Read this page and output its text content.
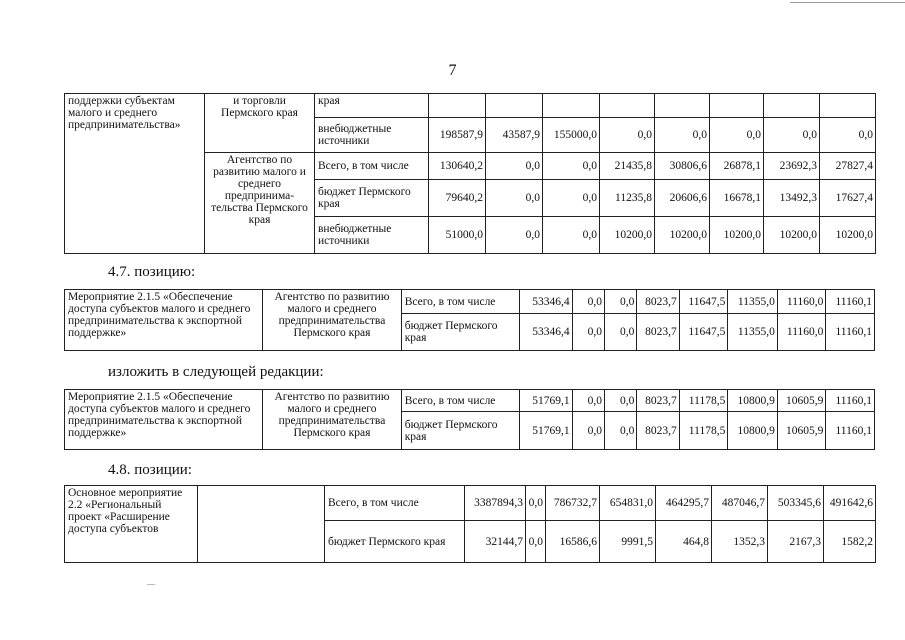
7
поддержки субъектам малого и среднего предпринимательства»	и торговли Пермского края	края								
		внебюджетные источники	198587,9	43587,9	155000,0	0,0	0,0	0,0	0,0	0,0
	Агентство по развитию малого и среднего предпринима-тельства Пермского края	Всего, в том числе	130640,2	0,0	0,0	21435,8	30806,6	26878,1	23692,3	27827,4
		бюджет Пермского края	79640,2	0,0	0,0	11235,8	20606,6	16678,1	13492,3	17627,4
		внебюджетные источники	51000,0	0,0	0,0	10200,0	10200,0	10200,0	10200,0	10200,0
4.7. позицию:
Мероприятие 2.1.5 «Обеспечение доступа субъектов малого и среднего предпринимательства к экспортной поддержке»	Агентство по развитию малого и среднего предпринимательства Пермского края	Всего, в том числе	53346,4	0,0	0,0	8023,7	11647,5	11355,0	11160,0	11160,1
		бюджет Пермского края	53346,4	0,0	0,0	8023,7	11647,5	11355,0	11160,0	11160,1
изложить в следующей редакции:
Мероприятие 2.1.5 «Обеспечение доступа субъектов малого и среднего предпринимательства к экспортной поддержке»	Агентство по развитию малого и среднего предпринимательства Пермского края	Всего, в том числе	51769,1	0,0	0,0	8023,7	11178,5	10800,9	10605,9	11160,1
		бюджет Пермского края	51769,1	0,0	0,0	8023,7	11178,5	10800,9	10605,9	11160,1
4.8. позиции:
Основное мероприятие 2.2 «Региональный проект «Расширение доступа субъектов		Всего, в том числе	3387894,3	0,0	786732,7	654831,0	464295,7	487046,7	503345,6	491642,6
		бюджет Пермского края	32144,7	0,0	16586,6	9991,5	464,8	1352,3	2167,3	1582,2
